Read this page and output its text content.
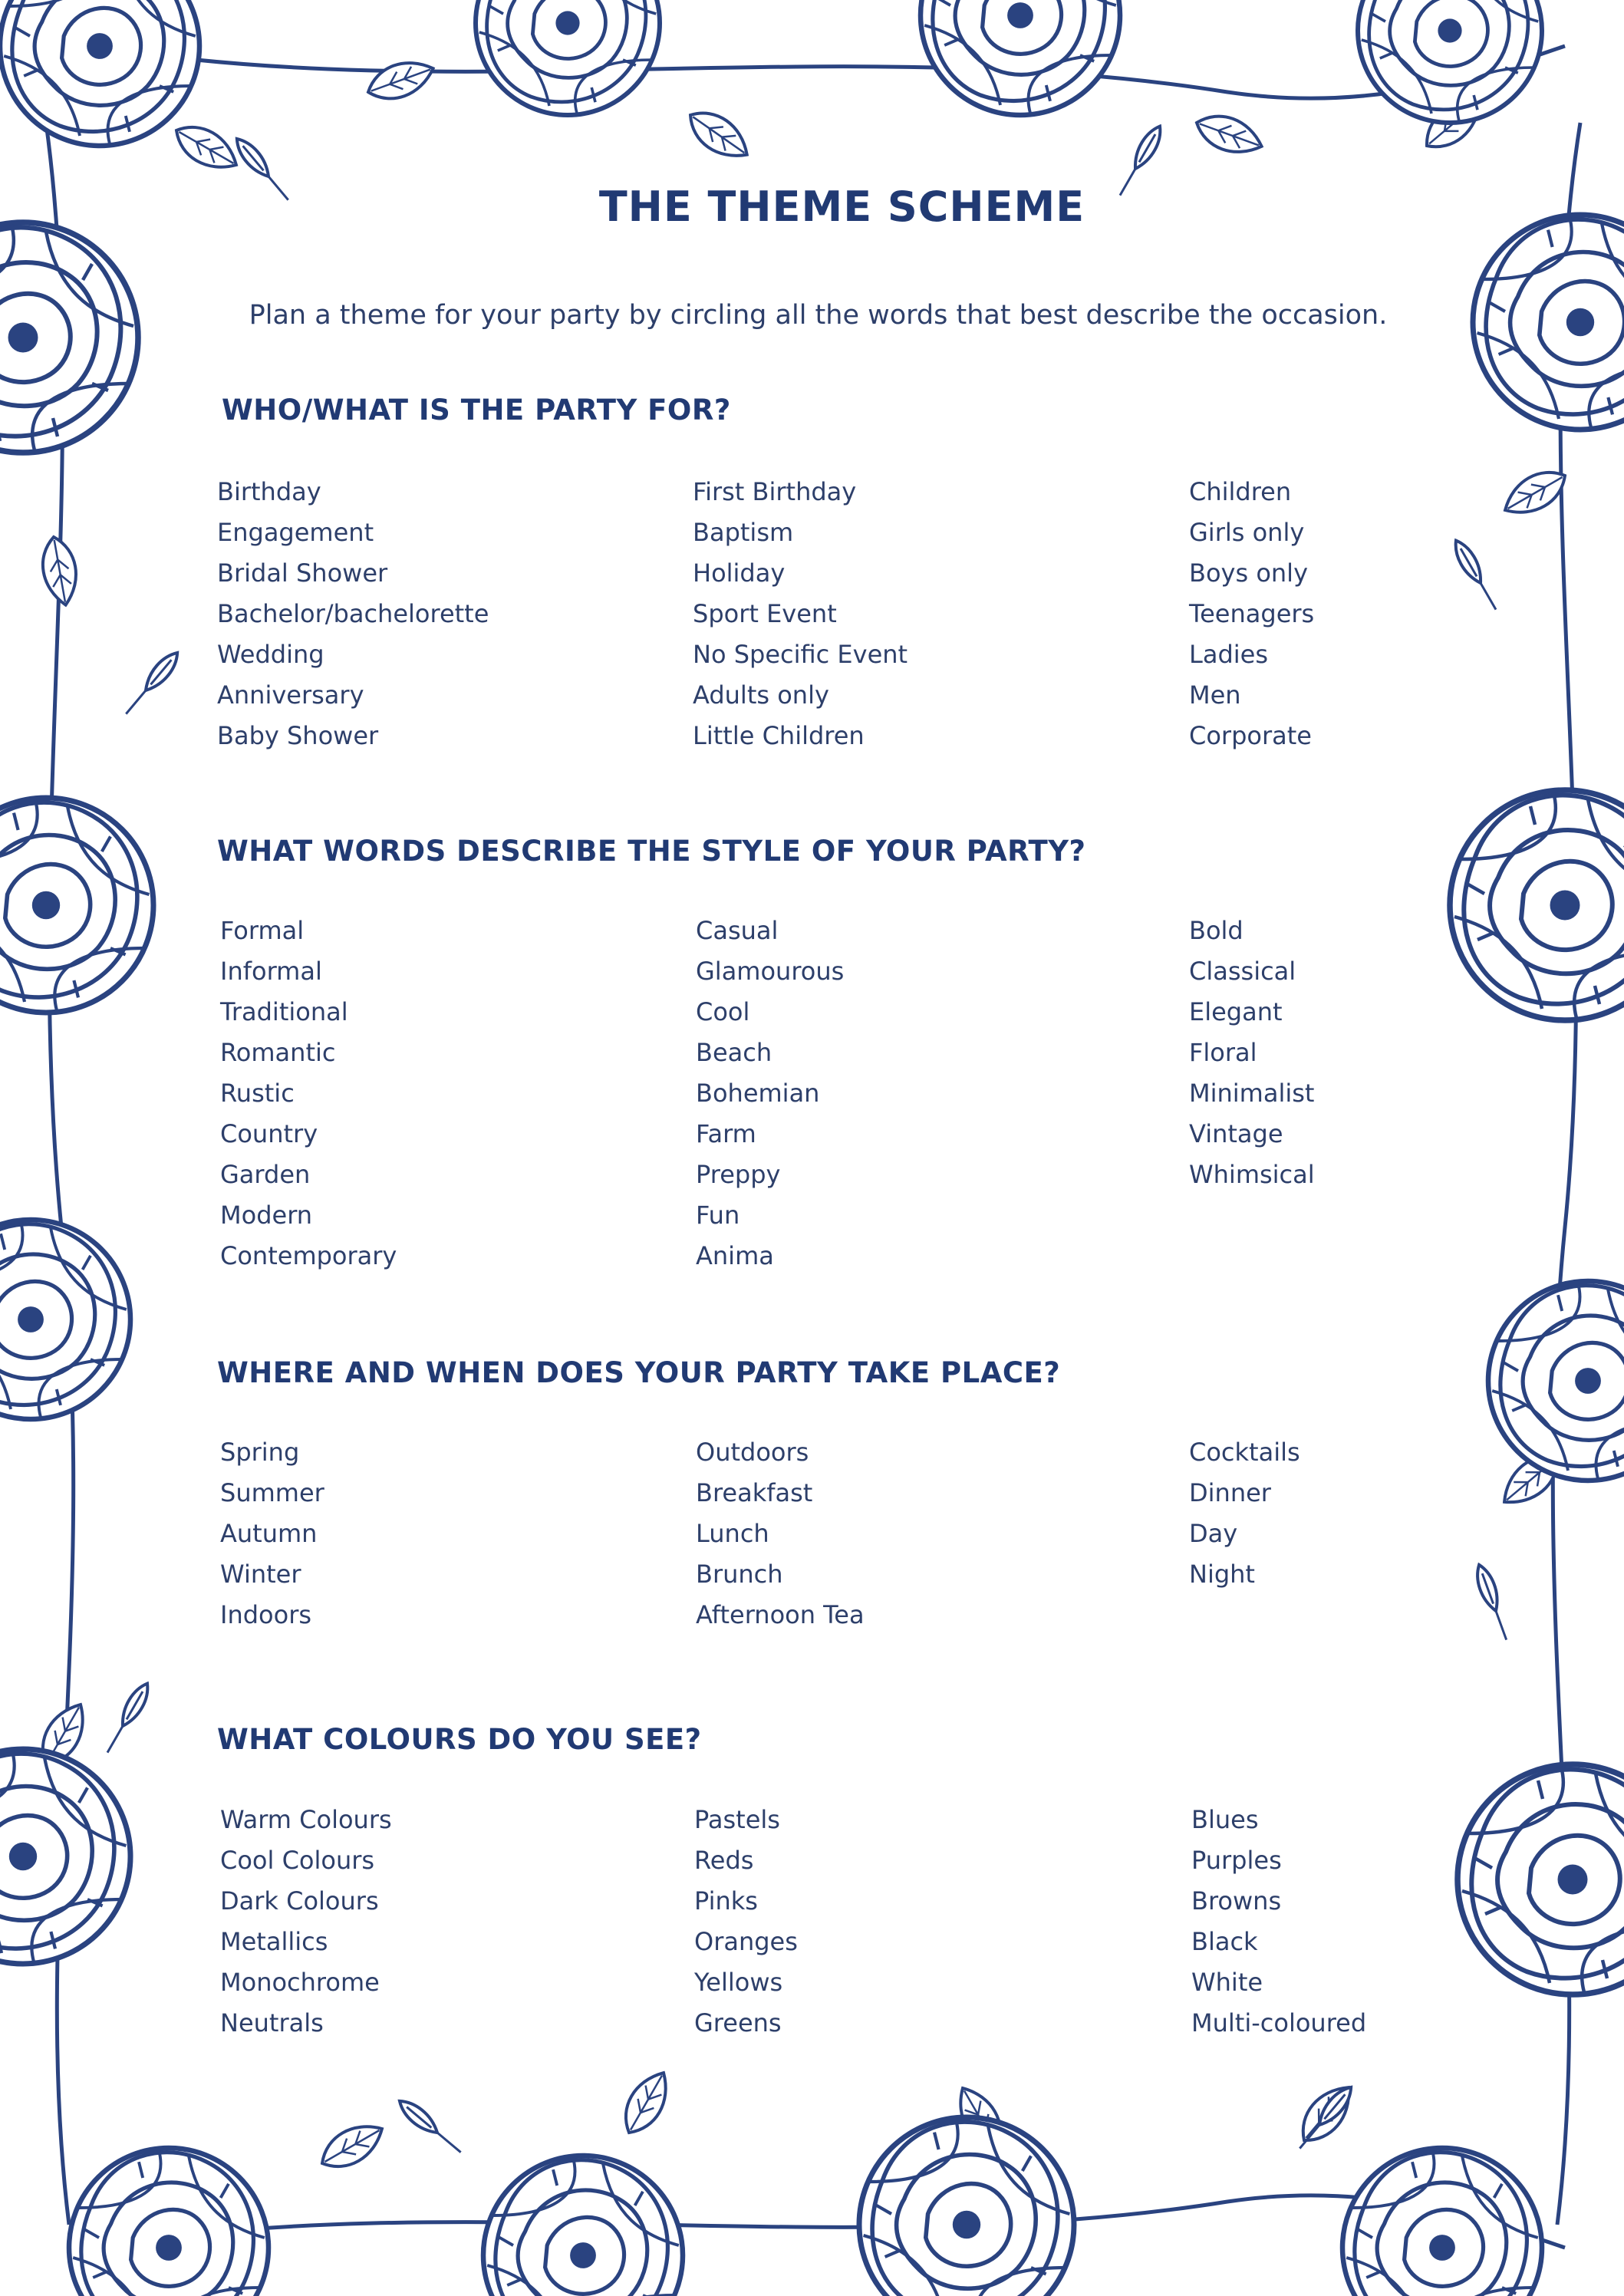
THE THEME SCHEME
Plan a theme for your party by circling all the words that best describe the occasion.
WHO/WHAT IS THE PARTY FOR?
Birthday
Engagement
Bridal Shower
Bachelor/bachelorette
Wedding
Anniversary
Baby Shower
First Birthday
Baptism
Holiday
Sport Event
No Specific Event
Adults only
Little Children
Children
Girls only
Boys only
Teenagers
Ladies
Men
Corporate
WHAT WORDS DESCRIBE THE STYLE OF YOUR PARTY?
Formal
Informal
Traditional
Romantic
Rustic
Country
Garden
Modern
Contemporary
Casual
Glamourous
Cool
Beach
Bohemian
Farm
Preppy
Fun
Anima
Bold
Classical
Elegant
Floral
Minimalist
Vintage
Whimsical
WHERE AND WHEN DOES YOUR PARTY TAKE PLACE?
Spring
Summer
Autumn
Winter
Indoors
Outdoors
Breakfast
Lunch
Brunch
Afternoon Tea
Cocktails
Dinner
Day
Night
WHAT COLOURS DO YOU SEE?
Warm Colours
Cool Colours
Dark Colours
Metallics
Monochrome
Neutrals
Pastels
Reds
Pinks
Oranges
Yellows
Greens
Blues
Purples
Browns
Black
White
Multi-coloured
